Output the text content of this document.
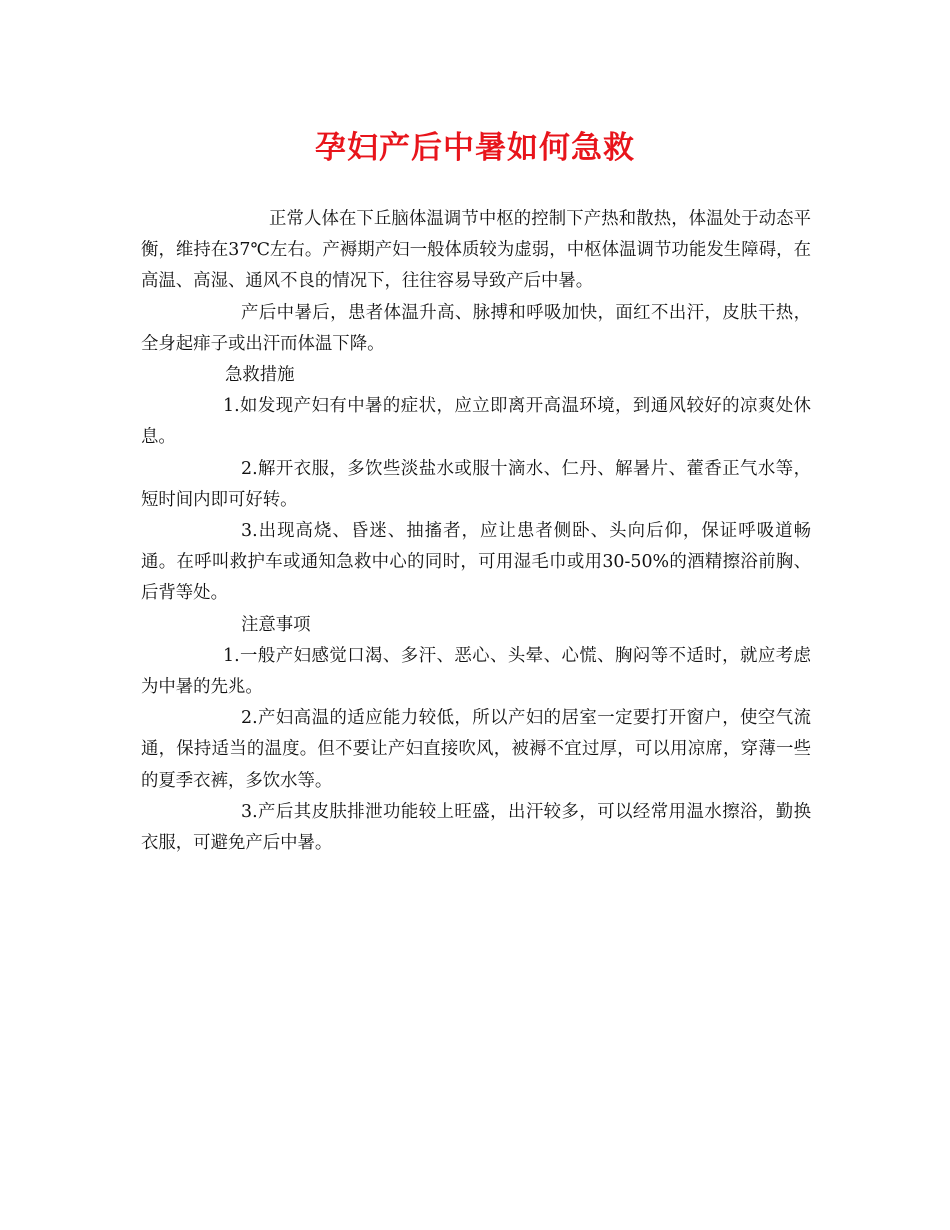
孕妇产后中暑如何急救

正常人体在下丘脑体温调节中枢的控制下产热和散热，体温处于动态平衡，维持在37℃左右。产褥期产妇一般体质较为虚弱，中枢体温调节功能发生障碍，在高温、高湿、通风不良的情况下，往往容易导致产后中暑。

产后中暑后，患者体温升高、脉搏和呼吸加快，面红不出汗，皮肤干热，全身起痱子或出汗而体温下降。

急救措施

1.如发现产妇有中暑的症状，应立即离开高温环境，到通风较好的凉爽处休息。

2.解开衣服，多饮些淡盐水或服十滴水、仁丹、解暑片、藿香正气水等，短时间内即可好转。

3.出现高烧、昏迷、抽搐者，应让患者侧卧、头向后仰，保证呼吸道畅通。在呼叫救护车或通知急救中心的同时，可用湿毛巾或用30-50%的酒精擦浴前胸、后背等处。

注意事项

1.一般产妇感觉口渴、多汗、恶心、头晕、心慌、胸闷等不适时，就应考虑为中暑的先兆。

2.产妇高温的适应能力较低，所以产妇的居室一定要打开窗户，使空气流通，保持适当的温度。但不要让产妇直接吹风，被褥不宜过厚，可以用凉席，穿薄一些的夏季衣裤，多饮水等。

3.产后其皮肤排泄功能较上旺盛，出汗较多，可以经常用温水擦浴，勤换衣服，可避免产后中暑。
